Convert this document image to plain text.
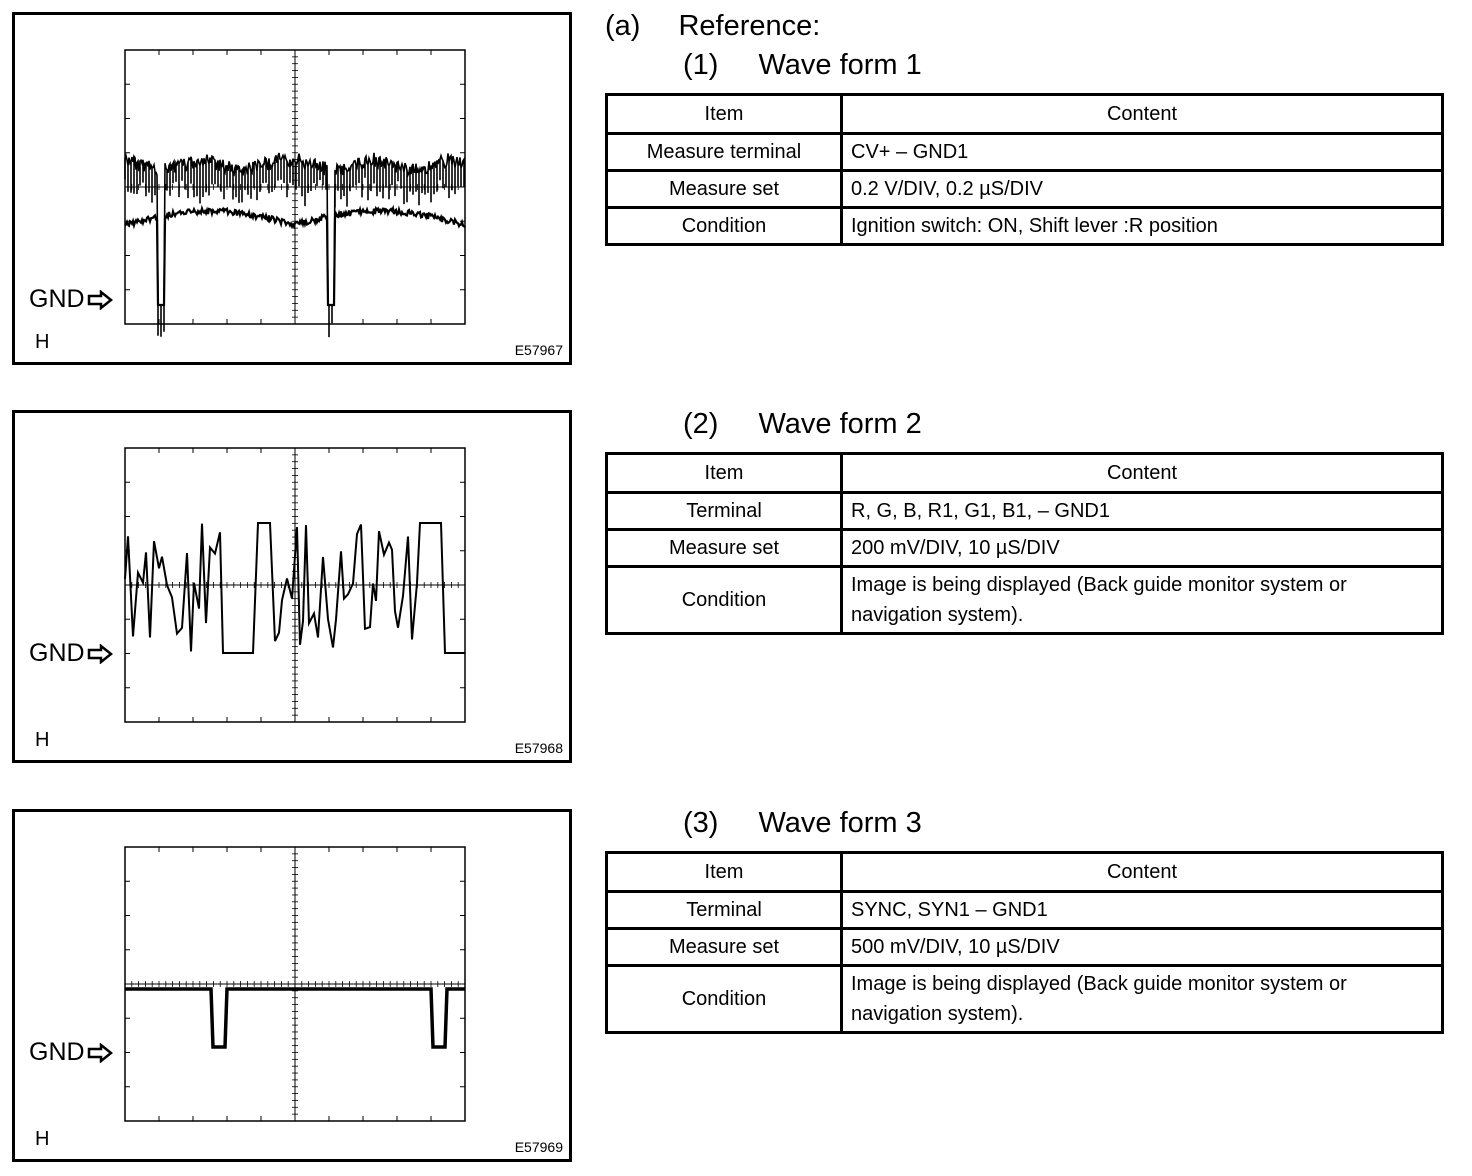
GND
H	E57967
GND
H	E57968
GND
H	E57969
(a) Reference:
(1) Wave form 1
Item	Content
Measure terminal	CV+ – GND1
Measure set	0.2 V/DIV, 0.2 µS/DIV
Condition	Ignition switch: ON, Shift lever :R position
(2) Wave form 2
Item	Content
Terminal	R, G, B, R1, G1, B1, – GND1
Measure set	200 mV/DIV, 10 µS/DIV
Condition	Image is being displayed (Back guide monitor system or navigation system).
(3) Wave form 3
Item	Content
Terminal	SYNC, SYN1 – GND1
Measure set	500 mV/DIV, 10 µS/DIV
Condition	Image is being displayed (Back guide monitor system or navigation system).
